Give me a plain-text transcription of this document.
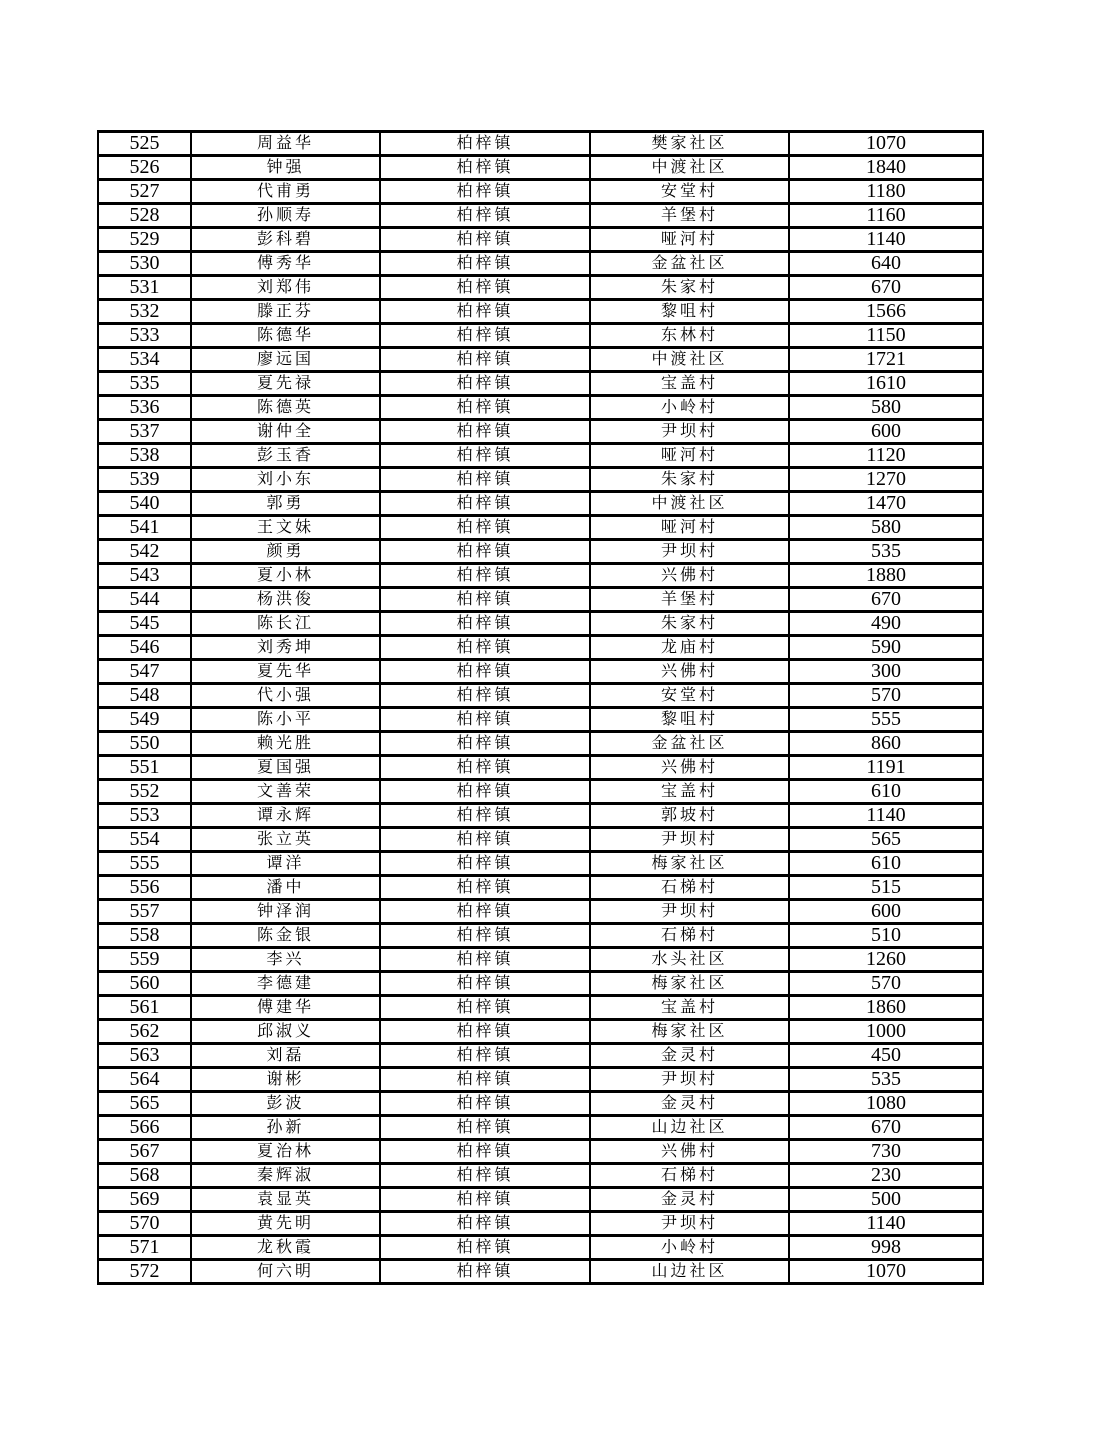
525	周益华	柏梓镇	樊家社区	1070
526	钟强	柏梓镇	中渡社区	1840
527	代甫勇	柏梓镇	安堂村	1180
528	孙顺寿	柏梓镇	羊堡村	1160
529	彭科碧	柏梓镇	哑河村	1140
530	傅秀华	柏梓镇	金盆社区	640
531	刘郑伟	柏梓镇	朱家村	670
532	滕正芬	柏梓镇	黎咀村	1566
533	陈德华	柏梓镇	东林村	1150
534	廖远国	柏梓镇	中渡社区	1721
535	夏先禄	柏梓镇	宝盖村	1610
536	陈德英	柏梓镇	小岭村	580
537	谢仲全	柏梓镇	尹坝村	600
538	彭玉香	柏梓镇	哑河村	1120
539	刘小东	柏梓镇	朱家村	1270
540	郭勇	柏梓镇	中渡社区	1470
541	王文妹	柏梓镇	哑河村	580
542	颜勇	柏梓镇	尹坝村	535
543	夏小林	柏梓镇	兴佛村	1880
544	杨洪俊	柏梓镇	羊堡村	670
545	陈长江	柏梓镇	朱家村	490
546	刘秀坤	柏梓镇	龙庙村	590
547	夏先华	柏梓镇	兴佛村	300
548	代小强	柏梓镇	安堂村	570
549	陈小平	柏梓镇	黎咀村	555
550	赖光胜	柏梓镇	金盆社区	860
551	夏国强	柏梓镇	兴佛村	1191
552	文善荣	柏梓镇	宝盖村	610
553	谭永辉	柏梓镇	郭坡村	1140
554	张立英	柏梓镇	尹坝村	565
555	谭洋	柏梓镇	梅家社区	610
556	潘中	柏梓镇	石梯村	515
557	钟泽润	柏梓镇	尹坝村	600
558	陈金银	柏梓镇	石梯村	510
559	李兴	柏梓镇	水头社区	1260
560	李德建	柏梓镇	梅家社区	570
561	傅建华	柏梓镇	宝盖村	1860
562	邱淑义	柏梓镇	梅家社区	1000
563	刘磊	柏梓镇	金灵村	450
564	谢彬	柏梓镇	尹坝村	535
565	彭波	柏梓镇	金灵村	1080
566	孙新	柏梓镇	山边社区	670
567	夏治林	柏梓镇	兴佛村	730
568	秦辉淑	柏梓镇	石梯村	230
569	袁显英	柏梓镇	金灵村	500
570	黄先明	柏梓镇	尹坝村	1140
571	龙秋霞	柏梓镇	小岭村	998
572	何六明	柏梓镇	山边社区	1070
